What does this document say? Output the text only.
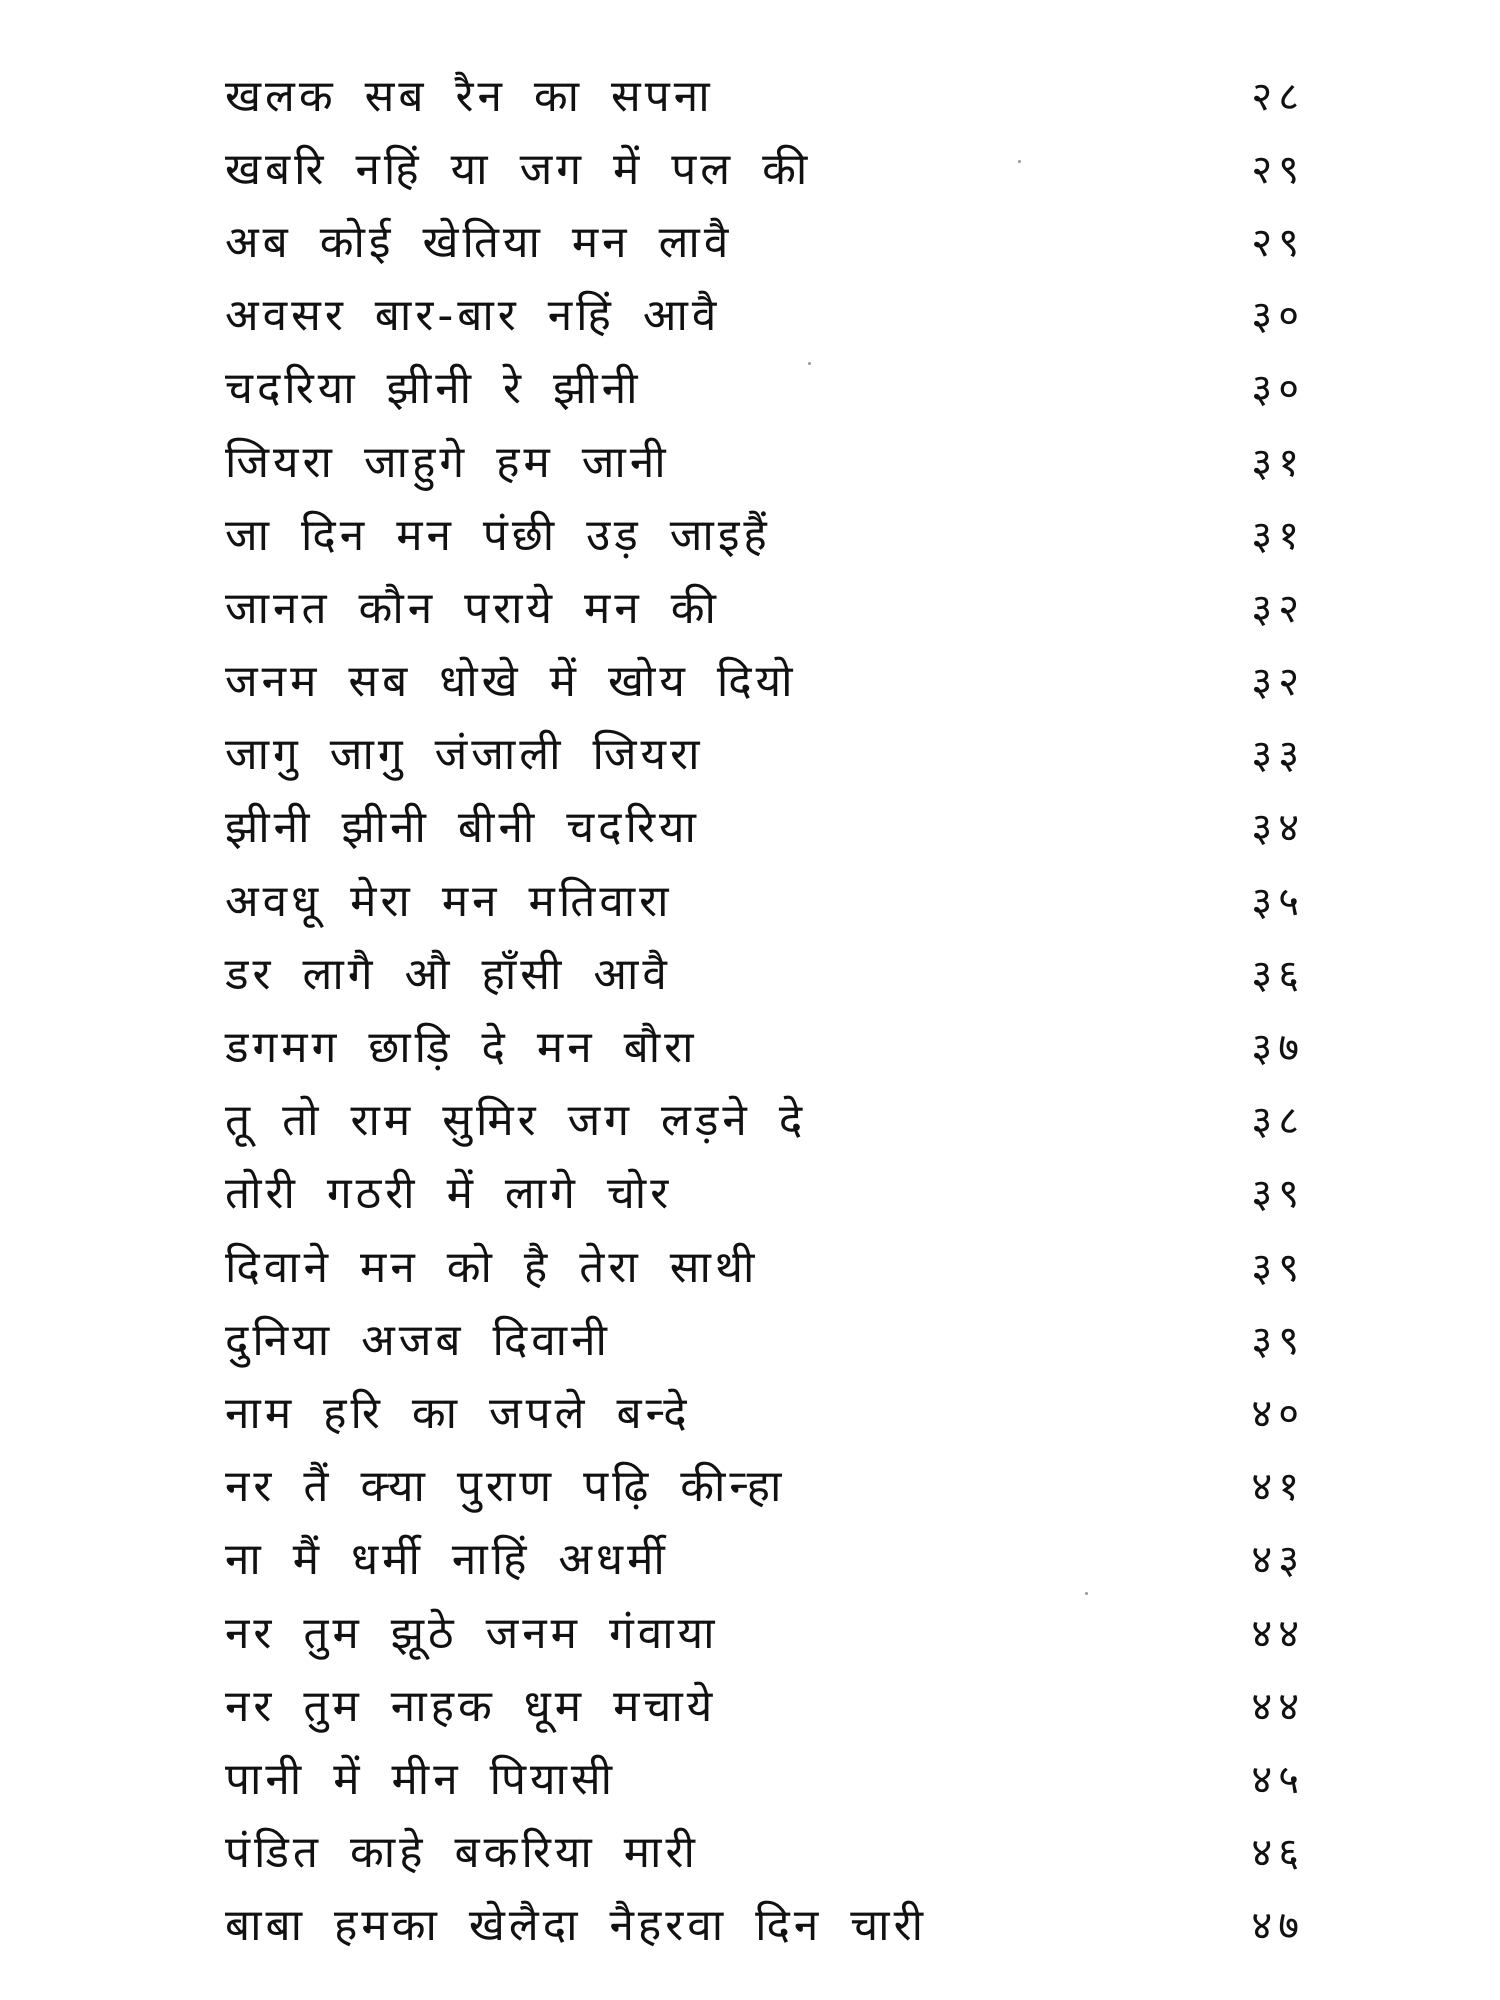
खलक सब रैन का सपना	२८
खबरि नहिं या जग में पल की	२९
अब कोई खेतिया मन लावै	२९
अवसर बार-बार नहिं आवै	३०
चदरिया झीनी रे झीनी	३०
जियरा जाहुगे हम जानी	३१
जा दिन मन पंछी उड़ जाइहैं	३१
जानत कौन पराये मन की	३२
जनम सब धोखे में खोय दियो	३२
जागु जागु जंजाली जियरा	३३
झीनी झीनी बीनी चदरिया	३४
अवधू मेरा मन मतिवारा	३५
डर लागै औ हाँसी आवै	३६
डगमग छाड़ि दे मन बौरा	३७
तू तो राम सुमिर जग लड़ने दे	३८
तोरी गठरी में लागे चोर	३९
दिवाने मन को है तेरा साथी	३९
दुनिया अजब दिवानी	३९
नाम हरि का जपले बन्दे	४०
नर तैं क्या पुराण पढ़ि कीन्हा	४१
ना मैं धर्मी नाहिं अधर्मी	४३
नर तुम झूठे जनम गंवाया	४४
नर तुम नाहक धूम मचाये	४४
पानी में मीन पियासी	४५
पंडित काहे बकरिया मारी	४६
बाबा हमका खेलैदा नैहरवा दिन चारी	४७
